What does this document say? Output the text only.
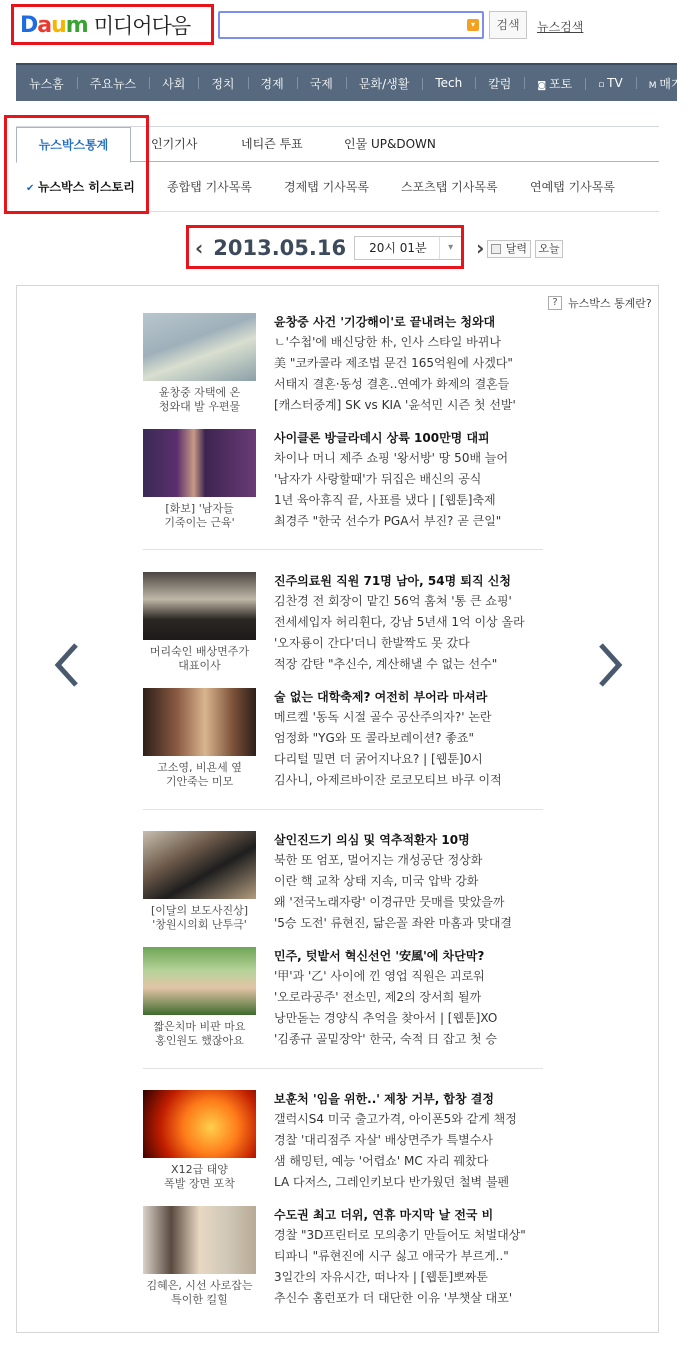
Daum 미디어다음	▾	검색	뉴스검색
뉴스홈	주요뉴스	사회	정치	경제	국제	문화/생활	Tech	칼럼	◙ 포토	▫ TV	M 매거
뉴스박스통계	인기기사	네티즌 투표	인물 UP&DOWN
✔ 뉴스박스 히스토리	종합탭 기사목록	경제탭 기사목록	스포츠탭 기사목록	연예탭 기사목록
‹ 2013.05.16	20시 01분	▾	›	달력	오늘
? 뉴스박스 통계란?
윤창중 자택에 온
청와대 발 우편물
윤창중 사건 '기강해이'로 끝내려는 청와대
ㄴ'수첩'에 배신당한 朴, 인사 스타일 바뀌나
美 "코카콜라 제조법 문건 165억원에 사겠다"
서태지 결혼·동성 결혼..연예가 화제의 결혼들
[캐스터중계] SK vs KIA '윤석민 시즌 첫 선발'
[화보] '남자들
기죽이는 근육'
사이클론 방글라데시 상륙 100만명 대피
차이나 머니 제주 쇼핑 '왕서방' 땅 50배 늘어
'남자가 사랑할때'가 뒤집은 배신의 공식
1년 육아휴직 끝, 사표를 냈다 | [웹툰]축제
최경주 "한국 선수가 PGA서 부진? 곧 큰일"
머리숙인 배상면주가
대표이사
진주의료원 직원 71명 남아, 54명 퇴직 신청
김찬경 전 회장이 맡긴 56억 훔쳐 '통 큰 쇼핑'
전세세입자 허리휜다, 강남 5년새 1억 이상 올라
'오자룡이 간다'더니 한발짝도 못 갔다
적장 감탄 "추신수, 계산해낼 수 없는 선수"
고소영, 비욘세 옆
기안죽는 미모
술 없는 대학축제? 여전히 부어라 마셔라
메르켈 '동독 시절 골수 공산주의자?' 논란
엄정화 "YG와 또 콜라보레이션? 좋죠"
다리털 밀면 더 굵어지나요? | [웹툰]0시
김사니, 아제르바이잔 로코모티브 바쿠 이적
[이달의 보도사진상]
'창원시의회 난투극'
살인진드기 의심 및 역추적환자 10명
북한 또 엄포, 멀어지는 개성공단 정상화
이란 핵 교착 상태 지속, 미국 압박 강화
왜 '전국노래자랑' 이경규만 뭇매를 맞았을까
'5승 도전' 류현진, 닮은꼴 좌완 마홈과 맞대결
짧은치마 비판 마요
홍인원도 했잖아요
민주, 텃밭서 혁신선언 '安風'에 차단막?
'甲'과 '乙' 사이에 낀 영업 직원은 괴로워
'오로라공주' 전소민, 제2의 장서희 될까
낭만돋는 경양식 추억을 찾아서 | [웹툰]XO
'김종규 골밑장악' 한국, 숙적 日 잡고 첫 승
X12급 태양
폭발 장면 포착
보훈처 '임을 위한..' 제창 거부, 합창 결정
갤럭시S4 미국 출고가격, 아이폰5와 같게 책정
경찰 '대리점주 자살' 배상면주가 특별수사
샘 해밍턴, 예능 '어렵쇼' MC 자리 꿰찼다
LA 다저스, 그레인키보다 반가웠던 철벽 불펜
김혜은, 시선 사로잡는
특이한 킬힐
수도권 최고 더위, 연휴 마지막 날 전국 비
경찰 "3D프린터로 모의총기 만들어도 처벌대상"
티파니 "류현진에 시구 싫고 애국가 부르게.."
3일간의 자유시간, 떠나자 | [웹툰]뽀짜툰
추신수 홈런포가 더 대단한 이유 '부챗살 대포'
